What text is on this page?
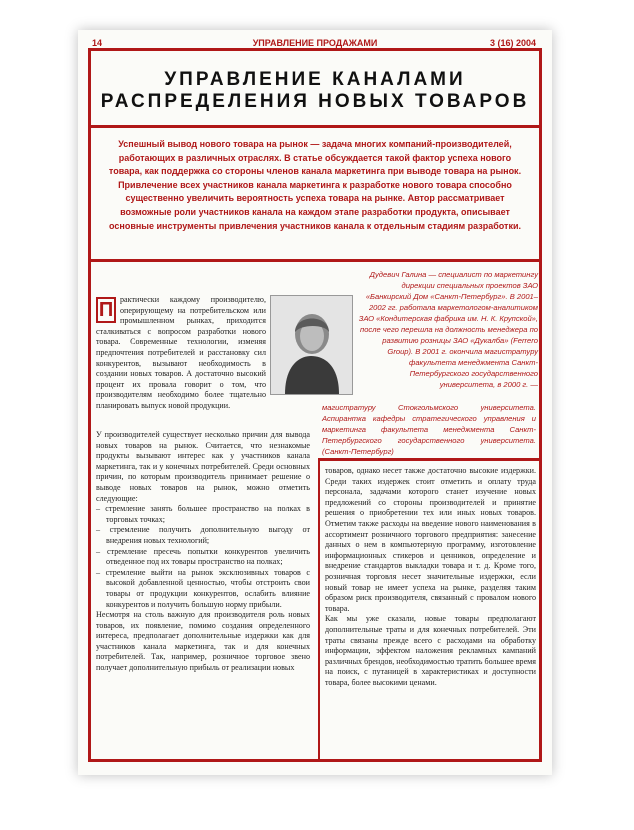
14	УПРАВЛЕНИЕ ПРОДАЖАМИ	3 (16) 2004
УПРАВЛЕНИЕ КАНАЛАМИ
РАСПРЕДЕЛЕНИЯ НОВЫХ ТОВАРОВ
Успешный вывод нового товара на рынок — задача многих компаний-производителей, работающих в различных отраслях. В статье обсуждается такой фактор успеха нового товара, как поддержка со стороны членов канала маркетинга при выводе товара на рынок. Привлечение всех участников канала маркетинга к разработке нового товара способно существенно увеличить вероятность успеха товара на рынке. Автор рассматривает возможные роли участников канала на каждом этапе разработки продукта, описывает основные инструменты привлечения участников канала к отдельным стадиям разработки.
Дудевич Галина — специалист по маркетингу дирекции специальных проектов ЗАО «Банкирский Дом «Санкт-Петербург». В 2001–2002 гг. работала маркетологом-аналитиком ЗАО «Кондитерская фабрика им. Н. К. Крупской», после чего перешла на должность менеджера по развитию розницы ЗАО «Дукалба» (Ferrero Group). В 2001 г. окончила магистратуру факультета менеджмента Санкт-Петербургского государственного университета, в 2000 г. —
магистратуру Стокгольмского университета. Аспирантка кафедры стратегического управления и маркетинга факультета менеджмента Санкт-Петербургского государственного университета. (Санкт-Петербург)

П рактически каждому производителю, оперирующему на потребительском или промышленном рынках, приходится сталкиваться с вопросом разработки нового товара. Современные технологии, изменяя предпочтения потребителей и расстановку сил конкурентов, вызывают необходимость в создании новых товаров. А достаточно высокий процент их провала говорит о том, что производителям необходимо более тщательно планировать выпуск новой продукции.

У производителей существует несколько причин для вывода новых товаров на рынок. Считается, что незнакомые продукты вызывают интерес как у участников канала маркетинга, так и у конечных потребителей. Среди основных причин, по которым производитель принимает решение о выводе новых товаров на рынок, можно отметить следующие:

– стремление занять большее пространство на полках в торговых точках;

– стремление получить дополнительную выгоду от внедрения новых технологий;

– стремление пресечь попытки конкурентов увеличить отведенное под их товары пространство на полках;

– стремление выйти на рынок эксклюзивных товаров с высокой добавленной ценностью, чтобы отстроить свои товары от продукции конкурентов, ослабить влияние конкурентов и получить большую норму прибыли.

Несмотря на столь важную для производителя роль новых товаров, их появление, помимо создания определенного интереса, предполагает дополнительные издержки как для участников канала маркетинга, так и для конечных потребителей. Так, например, розничное торговое звено получает дополнительную прибыль от реализации новых

товаров, однако несет также достаточно высокие издержки. Среди таких издержек стоит отметить и оплату труда персонала, задачами которого станет изучение новых предложений со стороны производителей и принятие решения о приобретении тех или иных новых товаров. Отметим также расходы на введение нового наименования в ассортимент розничного торгового предприятия: занесение данных о нем в компьютерную программу, изготовление информационных стикеров и ценников, определение и внедрение стандартов выкладки товара и т. д. Кроме того, розничная торговля несет значительные издержки, если новый товар не имеет успеха на рынке, разделяя таким образом риск производителя, связанный с провалом нового товара.

Как мы уже сказали, новые товары предполагают дополнительные траты и для конечных потребителей. Эти траты связаны прежде всего с расходами на обработку информации, эффектом наложения рекламных кампаний различных брендов, необходимостью тратить большее время на поиск, с путаницей в характеристиках и доступности товара, более высокими ценами.
